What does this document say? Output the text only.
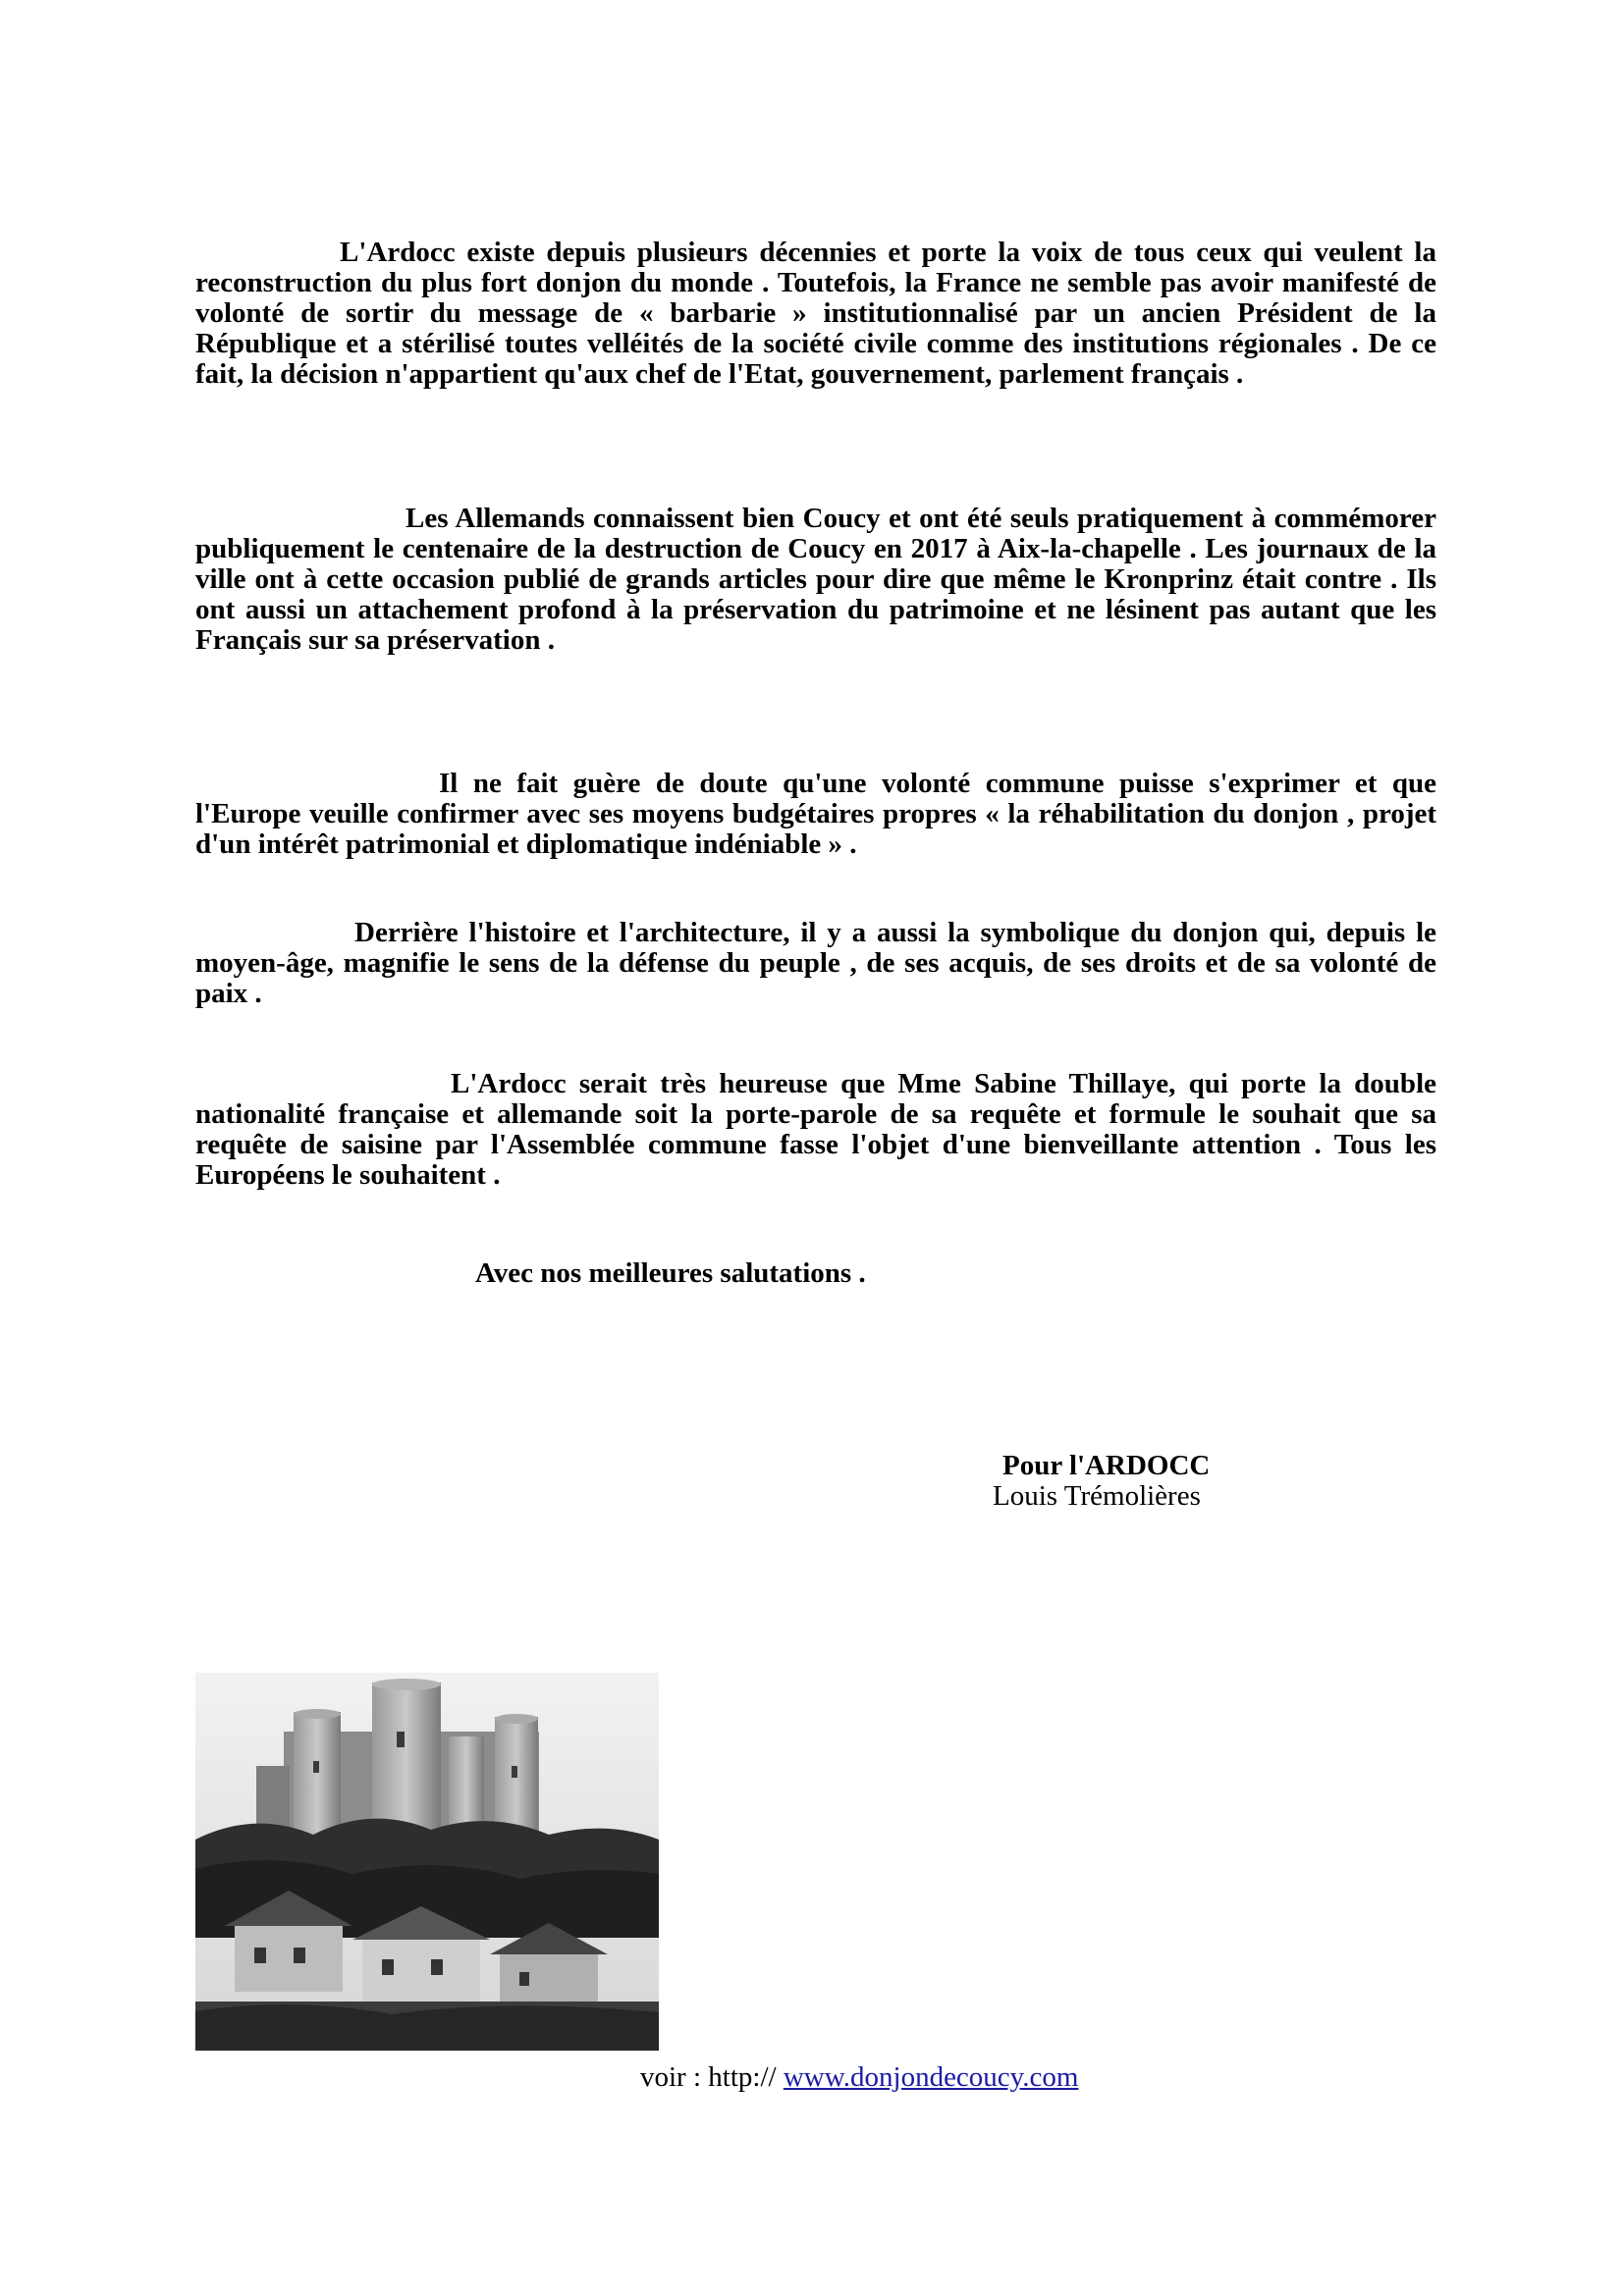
L'Ardocc existe depuis plusieurs décennies et porte la voix de tous ceux qui veulent la reconstruction du plus fort donjon du monde . Toutefois, la France ne semble pas avoir manifesté de volonté de sortir du message de « barbarie » institutionnalisé par un ancien Président de la République et a stérilisé toutes velléités de la société civile comme des institutions régionales . De ce fait, la décision n'appartient qu'aux chef de l'Etat, gouvernement, parlement français .

Les Allemands connaissent bien Coucy et ont été seuls pratiquement à commémorer publiquement le centenaire de la destruction de Coucy en 2017 à Aix-la-chapelle . Les journaux de la ville ont à cette occasion publié de grands articles pour dire que même le Kronprinz était contre . Ils ont aussi un attachement profond à la préservation du patrimoine et ne lésinent pas autant que les Français sur sa préservation .

Il ne fait guère de doute qu'une volonté commune puisse s'exprimer et que l'Europe veuille confirmer avec ses moyens budgétaires propres « la réhabilitation du donjon , projet d'un intérêt patrimonial et diplomatique indéniable » .

Derrière l'histoire et l'architecture, il y a aussi la symbolique du donjon qui, depuis le moyen-âge, magnifie le sens de la défense du peuple , de ses acquis, de ses droits et de sa volonté de paix .

L'Ardocc serait très heureuse que Mme Sabine Thillaye, qui porte la double nationalité française et allemande soit la porte-parole de sa requête et formule le souhait que sa requête de saisine par l'Assemblée commune fasse l'objet d'une bienveillante attention . Tous les Européens le souhaitent .

Avec nos meilleures salutations .

Pour l'ARDOCC
Louis Trémolières
voir : http:// www.donjondecoucy.com
